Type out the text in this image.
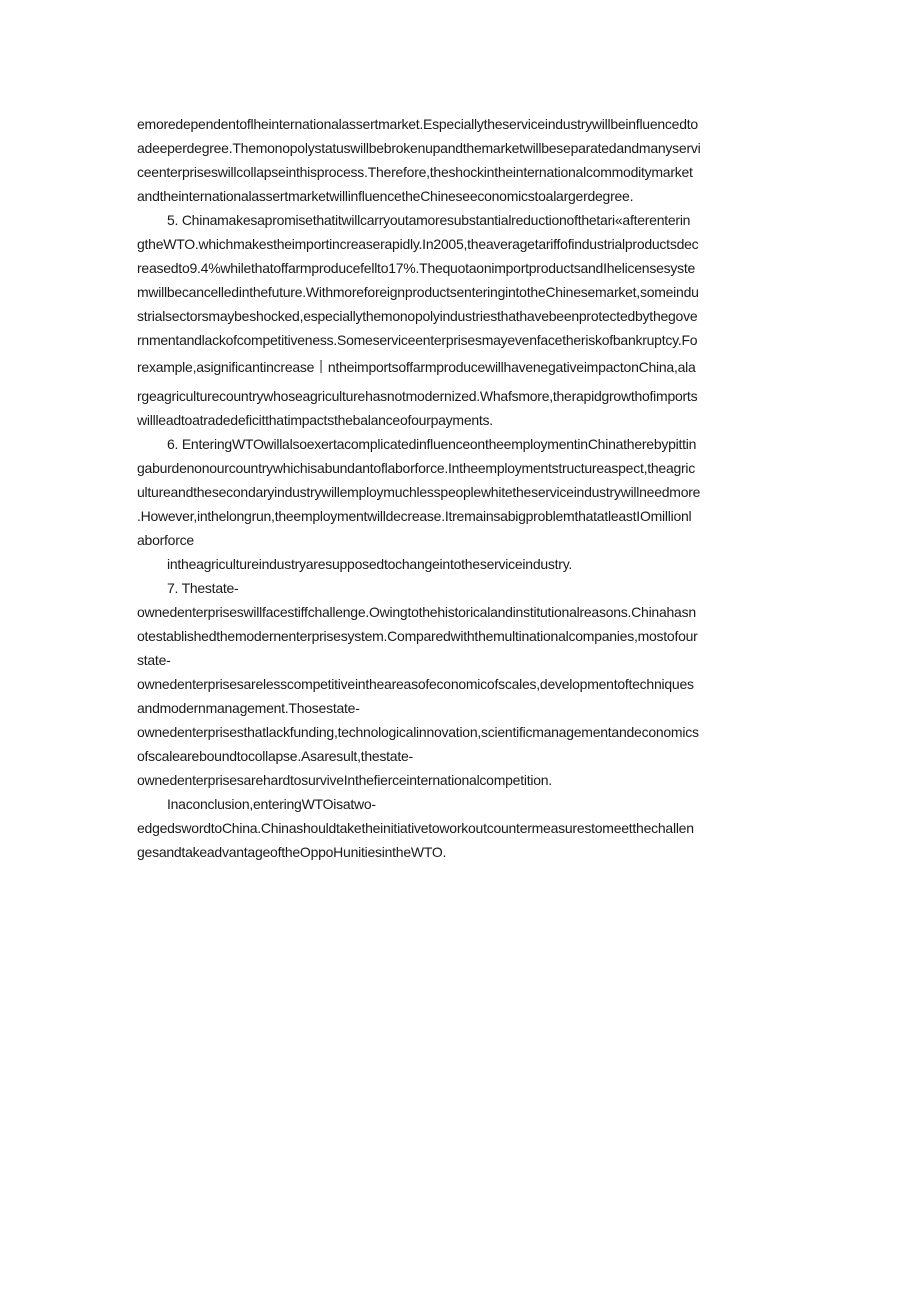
emoredependentoflheinternationalassertmarket.Especiallytheserviceindustrywillbeinfluencedto
adeeperdegree.Themonopolystatuswillbebrokenupandthemarketwillbeseparatedandmanyservi
ceenterpriseswillcollapseinthisprocess.Therefore,theshockintheinternationalcommoditymarket
andtheinternationalassertmarketwillinfluencetheChineseeconomicstoalargerdegree.
5. Chinamakesapromisethatitwillcarryoutamoresubstantialreductionofthetari«afterenterin
gtheWTO.whichmakestheimportincreaserapidly.In2005,theaveragetariffofindustrialproductsdec
reasedto9.4%whilethatoffarmproducefellto17%.ThequotaonimportproductsandIhelicensesyste
mwillbecancelledinthefuture.WithmoreforeignproductsenteringintotheChinesemarket,someindu
strialsectorsmaybeshocked,especiallythemonopolyindustriesthathavebeenprotectedbythegove
rnmentandlackofcompetitiveness.Someserviceenterprisesmayevenfacetheriskofbankruptcy.Fo
rexample,asignificantincrease丨ntheimportsoffarmproducewillhavenegativeimpactonChina,ala
rgeagriculturecountrywhoseagriculturehasnotmodernized.Whafsmore,therapidgrowthofimports
willleadtoatradedeficitthatimpactsthebalanceofourpayments.
6. EnteringWTOwillalsoexertacomplicatedinfluenceontheemploymentinChinatherebypittin
gaburdenonourcountrywhichisabundantoflaborforce.Intheemploymentstructureaspect,theagric
ultureandthesecondaryindustrywillemploymuchlesspeoplewhitetheserviceindustrywillneedmore
.However,inthelongrun,theemploymentwilldecrease.ItremainsabigproblemthatatleastIOmillionl
aborforce
intheagricultureindustryaresupposedtochangeintotheserviceindustry.
7. Thestate-
ownedenterpriseswillfacestiffchallenge.Owingtothehistoricalandinstitutionalreasons.Chinahasn
otestablishedthemodernenterprisesystem.Comparedwiththemultinationalcompanies,mostofour
state-
ownedenterprisesarelesscompetitiveintheareasofeconomicofscales,developmentoftechniques
andmodernmanagement.Thosestate-
ownedenterprisesthatlackfunding,technologicalinnovation,scientificmanagementandeconomics
ofscaleareboundtocollapse.Asaresult,thestate-
ownedenterprisesarehardtosurviveInthefierceinternationalcompetition.
Inaconclusion,enteringWTOisatwo-
edgedswordtoChina.Chinashouldtaketheinitiativetoworkoutcountermeasurestomeetthechallen
gesandtakeadvantageoftheOppoHunitiesintheWTO.
